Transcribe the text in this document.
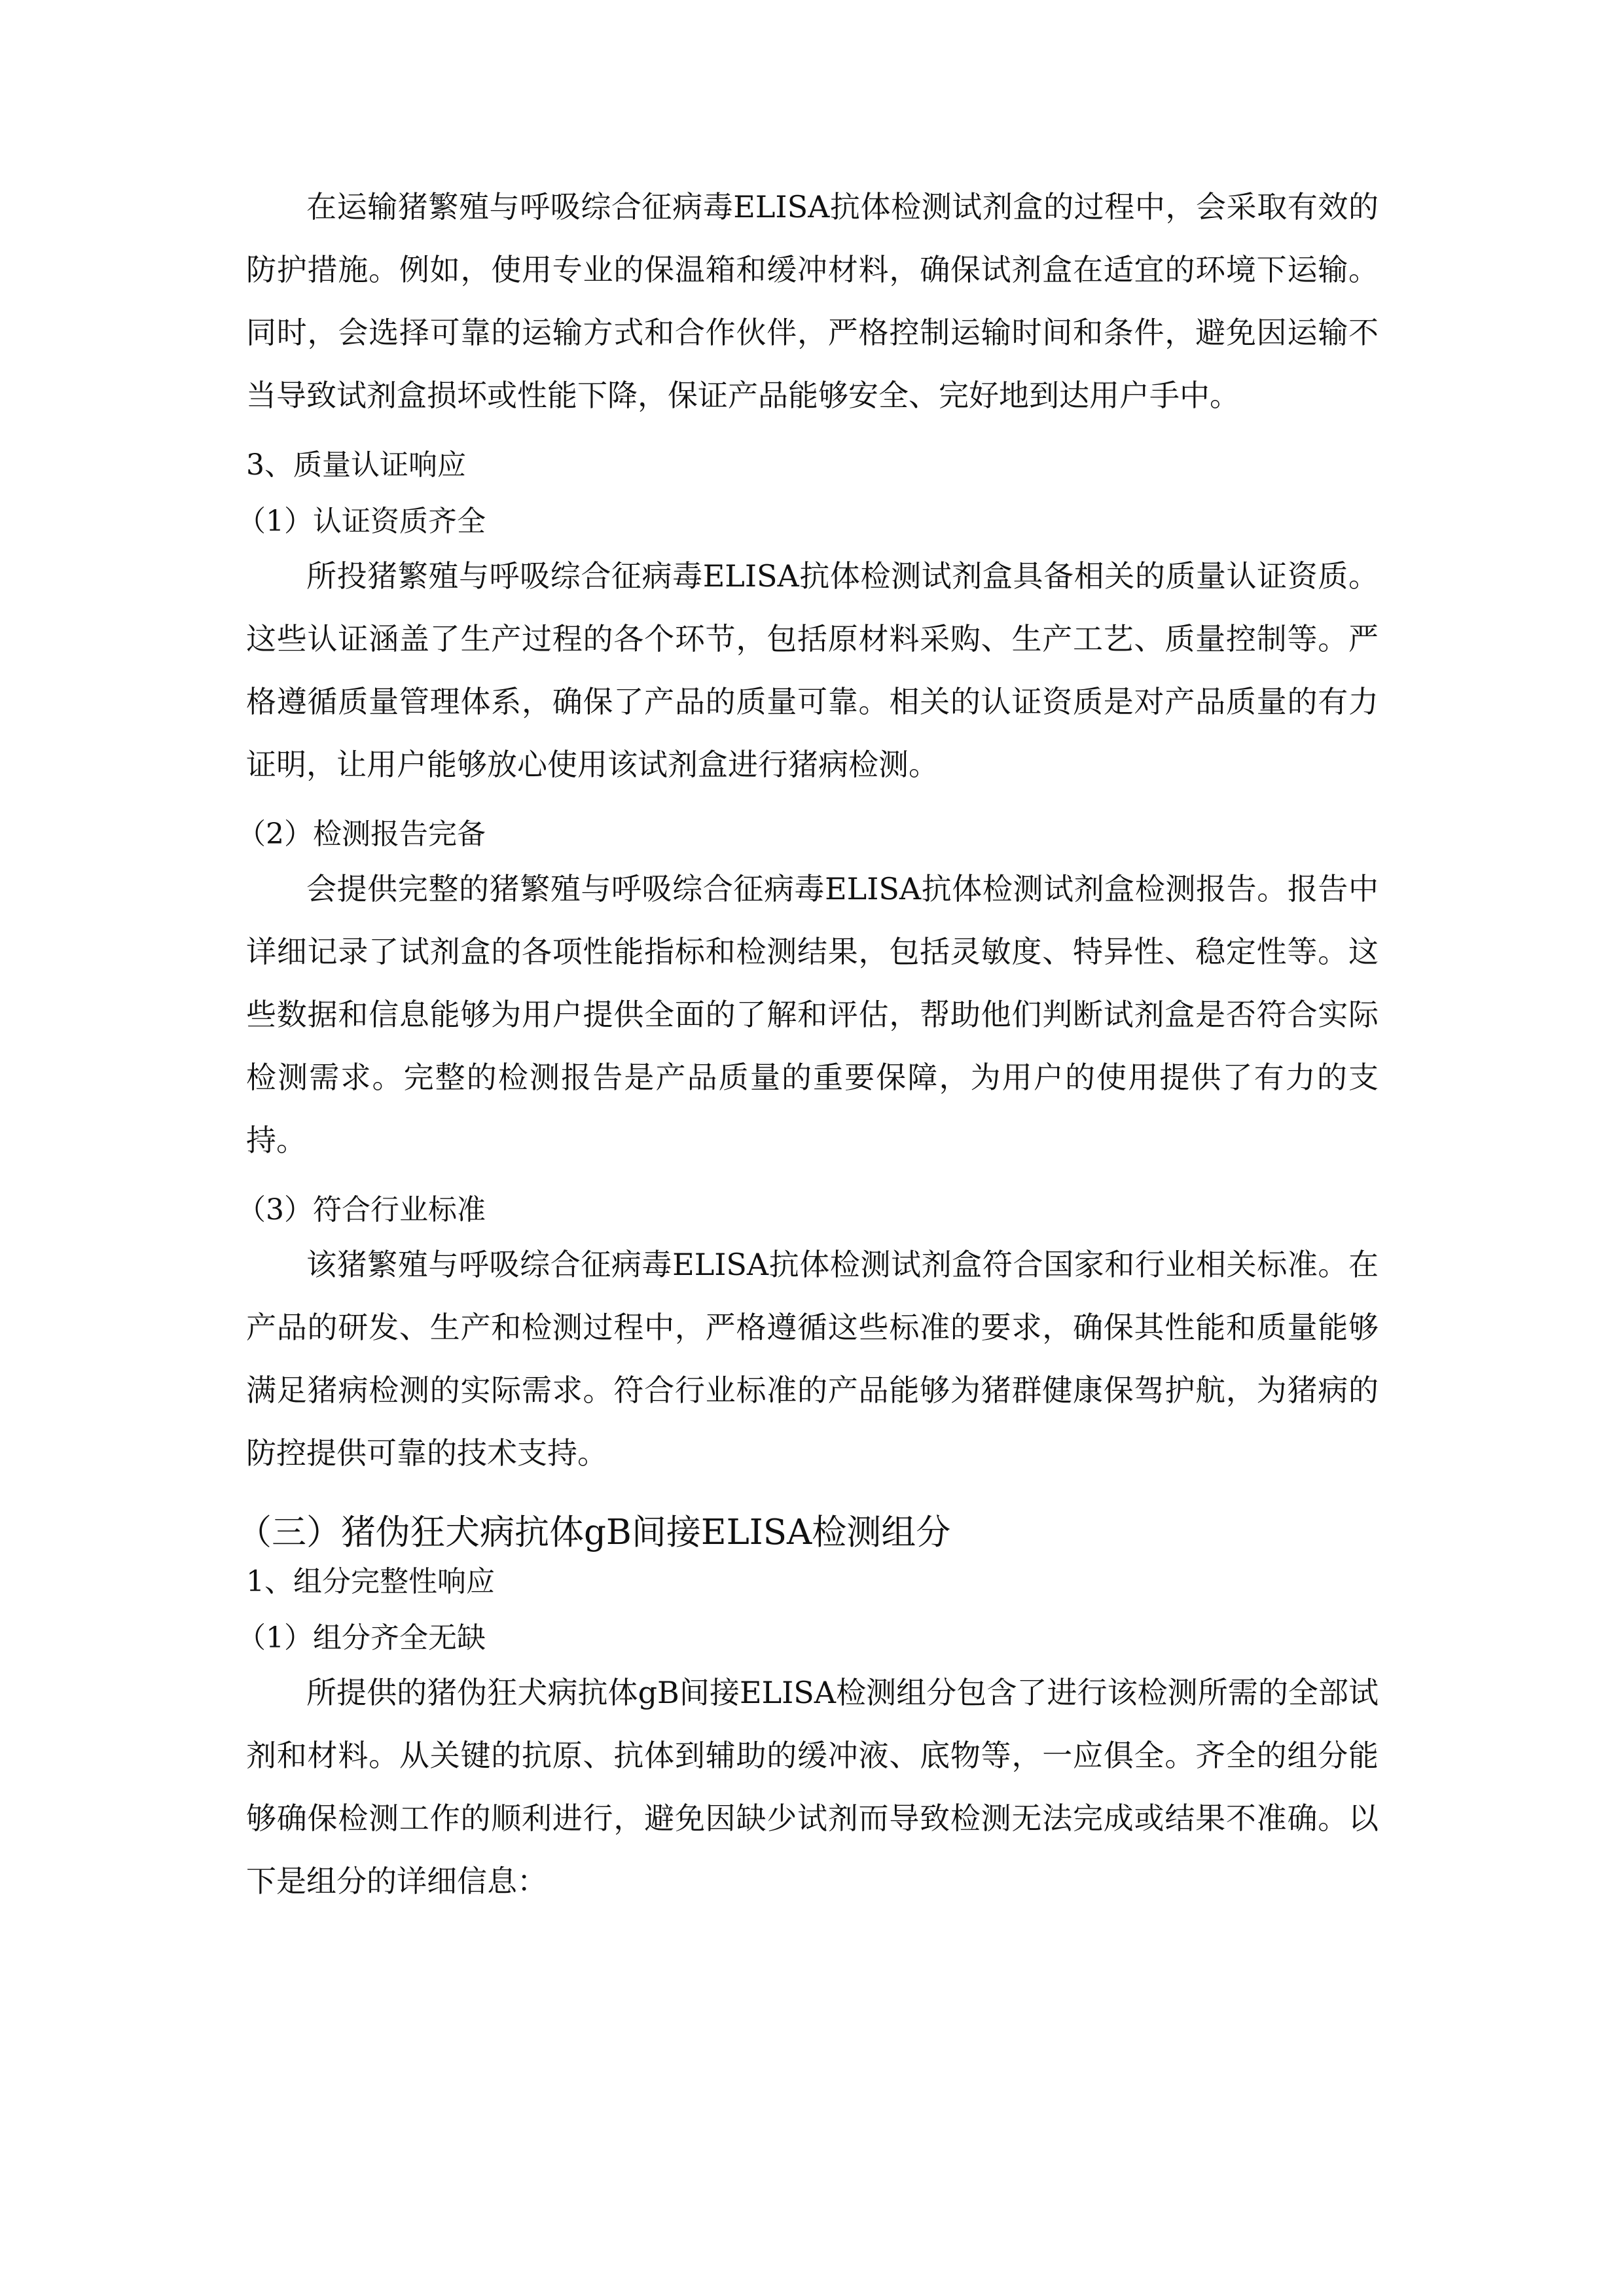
在运输猪繁殖与呼吸综合征病毒ELISA抗体检测试剂盒的过程中，会采取有效的防护措施。例如，使用专业的保温箱和缓冲材料，确保试剂盒在适宜的环境下运输。同时，会选择可靠的运输方式和合作伙伴，严格控制运输时间和条件，避免因运输不当导致试剂盒损坏或性能下降，保证产品能够安全、完好地到达用户手中。

3、质量认证响应

（1）认证资质齐全

所投猪繁殖与呼吸综合征病毒ELISA抗体检测试剂盒具备相关的质量认证资质。这些认证涵盖了生产过程的各个环节，包括原材料采购、生产工艺、质量控制等。严格遵循质量管理体系，确保了产品的质量可靠。相关的认证资质是对产品质量的有力证明，让用户能够放心使用该试剂盒进行猪病检测。

（2）检测报告完备

会提供完整的猪繁殖与呼吸综合征病毒ELISA抗体检测试剂盒检测报告。报告中详细记录了试剂盒的各项性能指标和检测结果，包括灵敏度、特异性、稳定性等。这些数据和信息能够为用户提供全面的了解和评估，帮助他们判断试剂盒是否符合实际检测需求。完整的检测报告是产品质量的重要保障，为用户的使用提供了有力的支持。

（3）符合行业标准

该猪繁殖与呼吸综合征病毒ELISA抗体检测试剂盒符合国家和行业相关标准。在产品的研发、生产和检测过程中，严格遵循这些标准的要求，确保其性能和质量能够满足猪病检测的实际需求。符合行业标准的产品能够为猪群健康保驾护航，为猪病的防控提供可靠的技术支持。

（三）猪伪狂犬病抗体gB间接ELISA检测组分

1、组分完整性响应

（1）组分齐全无缺

所提供的猪伪狂犬病抗体gB间接ELISA检测组分包含了进行该检测所需的全部试剂和材料。从关键的抗原、抗体到辅助的缓冲液、底物等，一应俱全。齐全的组分能够确保检测工作的顺利进行，避免因缺少试剂而导致检测无法完成或结果不准确。以下是组分的详细信息：
